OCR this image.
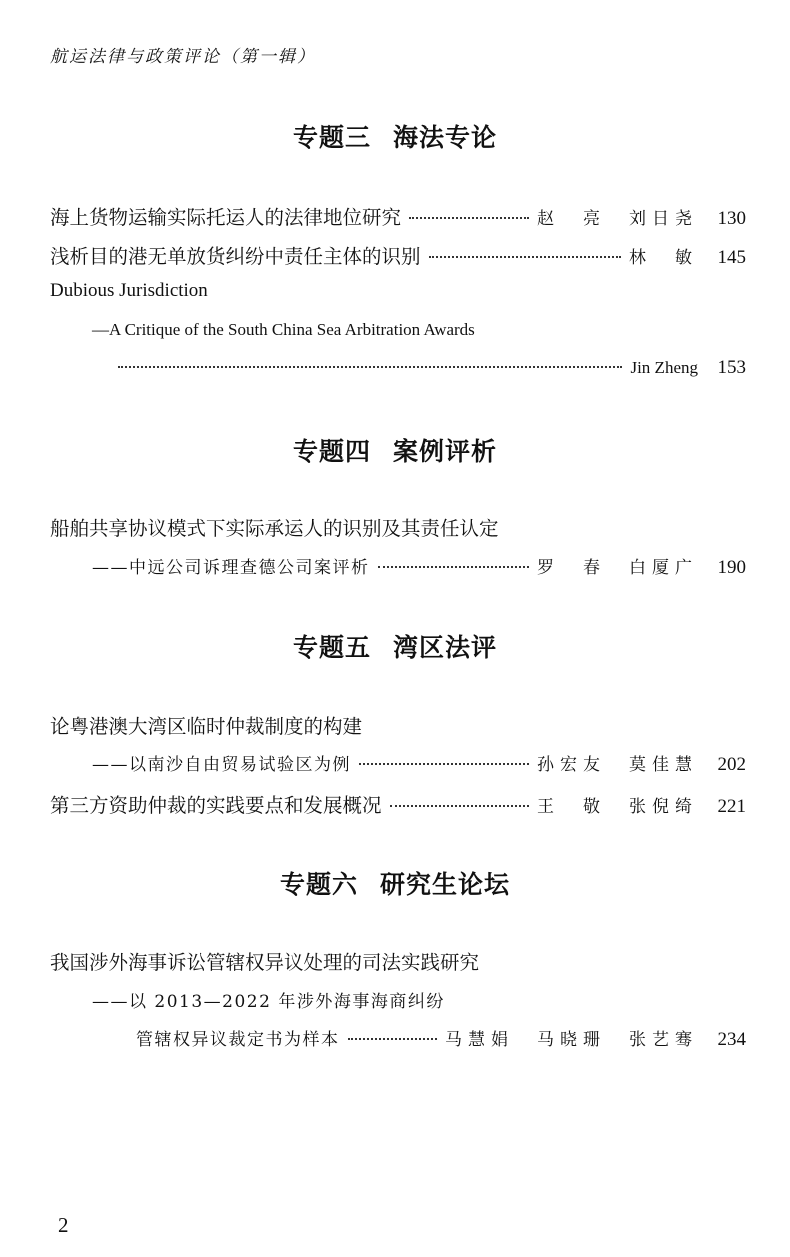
航运法律与政策评论（第一辑）
专题三 海法专论
海上货物运输实际托运人的法律地位研究	赵　亮　刘日尧 130
浅析目的港无单放货纠纷中责任主体的识别	林　敏 145
Dubious Jurisdiction
—A Critique of the South China Sea Arbitration Awards
Jin Zheng 153
专题四 案例评析
船舶共享协议模式下实际承运人的识别及其责任认定
——中远公司诉理查德公司案评析	罗　春　白厦广 190
专题五 湾区法评
论粤港澳大湾区临时仲裁制度的构建
——以南沙自由贸易试验区为例	孙宏友　莫佳慧 202
第三方资助仲裁的实践要点和发展概况	王　敬　张倪绮 221
专题六 研究生论坛
我国涉外海事诉讼管辖权异议处理的司法实践研究
——以 2013—2022 年涉外海事海商纠纷
管辖权异议裁定书为样本	马慧娟　马晓珊　张艺骞 234
2
